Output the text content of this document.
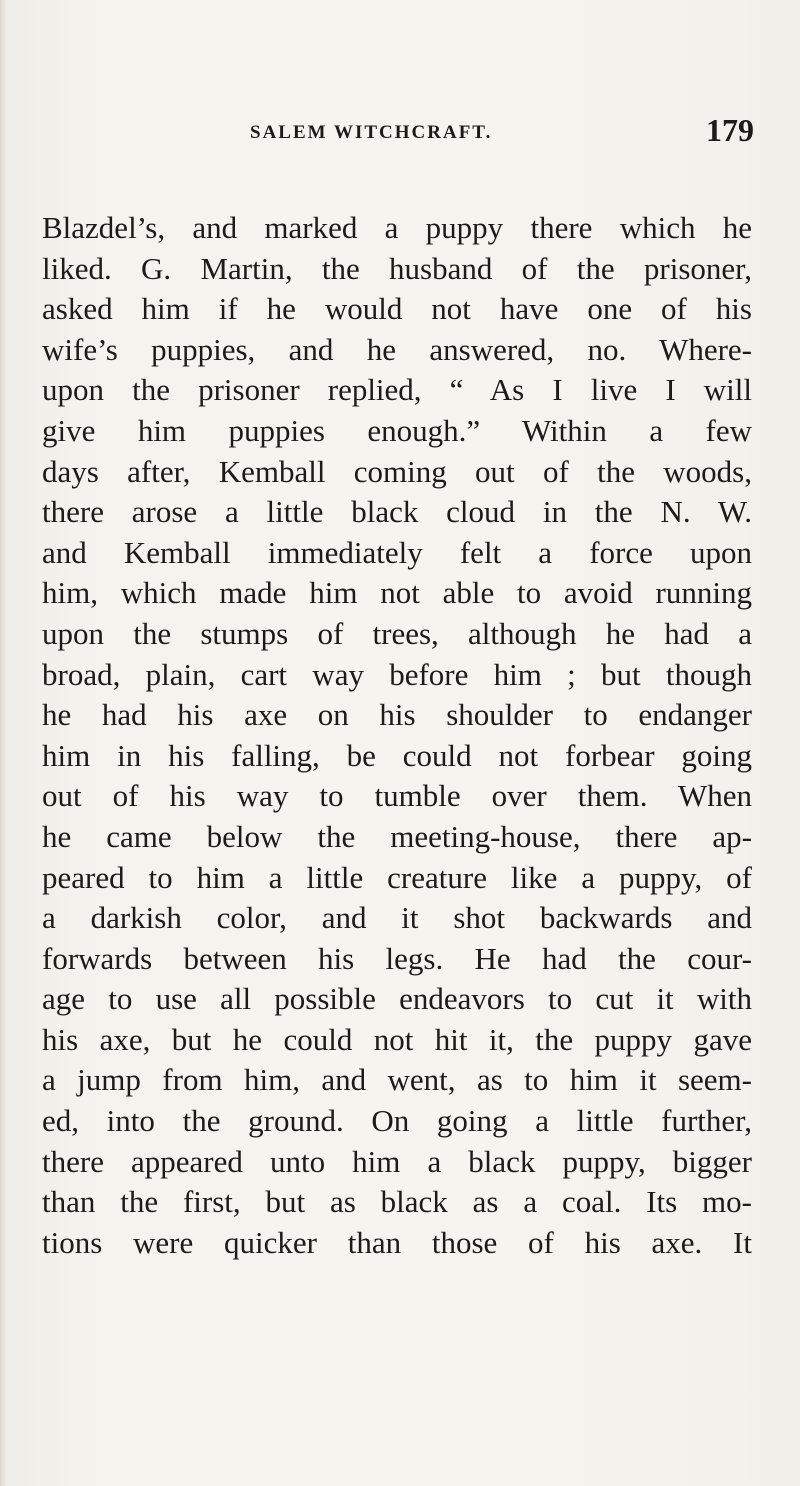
SALEM WITCHCRAFT.	179
Blazdel’s, and marked a puppy there which he
liked. G. Martin, the husband of the prisoner,
asked him if he would not have one of his
wife’s puppies, and he answered, no. Where-
upon the prisoner replied, “ As I live I will
give him puppies enough.” Within a few
days after, Kemball coming out of the woods,
there arose a little black cloud in the N. W.
and Kemball immediately felt a force upon
him, which made him not able to avoid running
upon the stumps of trees, although he had a
broad, plain, cart way before him ; but though
he had his axe on his shoulder to endanger
him in his falling, be could not forbear going
out of his way to tumble over them. When
he came below the meeting-house, there ap-
peared to him a little creature like a puppy, of
a darkish color, and it shot backwards and
forwards between his legs. He had the cour-
age to use all possible endeavors to cut it with
his axe, but he could not hit it, the puppy gave
a jump from him, and went, as to him it seem-
ed, into the ground. On going a little further,
there appeared unto him a black puppy, bigger
than the first, but as black as a coal. Its mo-
tions were quicker than those of his axe. It
